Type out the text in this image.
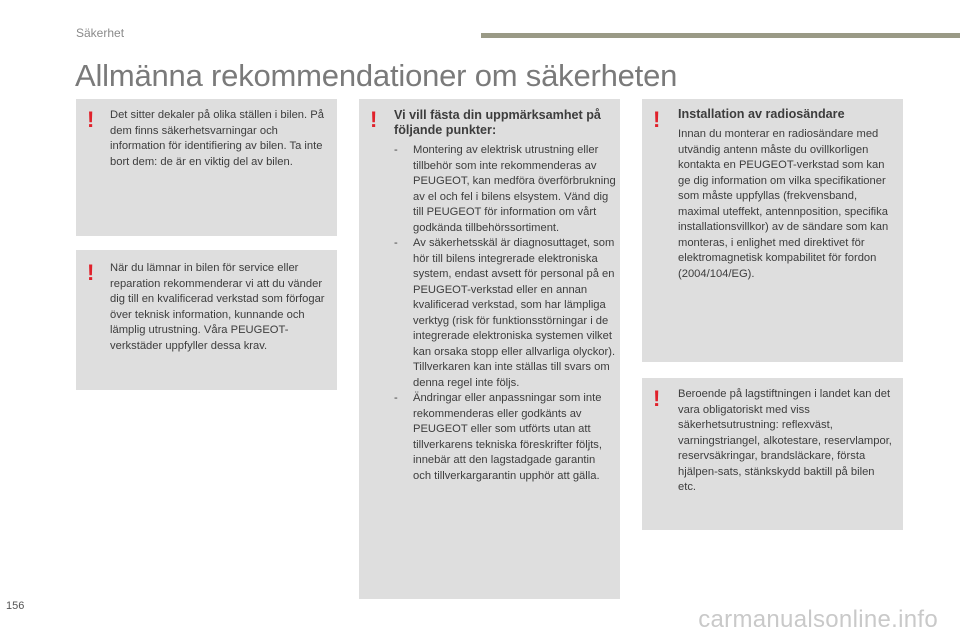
Säkerhet
Allmänna rekommendationer om säkerheten
! Det sitter dekaler på olika ställen i bilen. På dem finns säkerhetsvarningar och information för identifiering av bilen. Ta inte bort dem: de är en viktig del av bilen.

! När du lämnar in bilen för service eller reparation rekommenderar vi att du vänder dig till en kvalificerad verkstad som förfogar över teknisk information, kunnande och lämplig utrustning. Våra PEUGEOT-verkstäder uppfyller dessa krav.

! Vi vill fästa din uppmärksamhet på följande punkter:
- Montering av elektrisk utrustning eller tillbehör som inte rekommenderas av PEUGEOT, kan medföra överförbrukning av el och fel i bilens elsystem. Vänd dig till PEUGEOT för information om vårt godkända tillbehörssortiment.
- Av säkerhetsskäl är diagnosuttaget, som hör till bilens integrerade elektroniska system, endast avsett för personal på en PEUGEOT-verkstad eller en annan kvalificerad verkstad, som har lämpliga verktyg (risk för funktionsstörningar i de integrerade elektroniska systemen vilket kan orsaka stopp eller allvarliga olyckor). Tillverkaren kan inte ställas till svars om denna regel inte följs.
- Ändringar eller anpassningar som inte rekommenderas eller godkänts av PEUGEOT eller som utförts utan att tillverkarens tekniska föreskrifter följts, innebär att den lagstadgade garantin och tillverkargarantin upphör att gälla.
! Installation av radiosändare

Innan du monterar en radiosändare med utvändig antenn måste du ovillkorligen kontakta en PEUGEOT-verkstad som kan ge dig information om vilka specifikationer som måste uppfyllas (frekvensband, maximal uteffekt, antennposition, specifika installationsvillkor) av de sändare som kan monteras, i enlighet med direktivet för elektromagnetisk kompabilitet för fordon (2004/104/EG).

! Beroende på lagstiftningen i landet kan det vara obligatoriskt med viss säkerhetsutrustning: reflexväst, varningstriangel, alkotestare, reservlampor, reservsäkringar, brandsläckare, första hjälpen-sats, stänkskydd baktill på bilen etc.

156	carmanualsonline.info
